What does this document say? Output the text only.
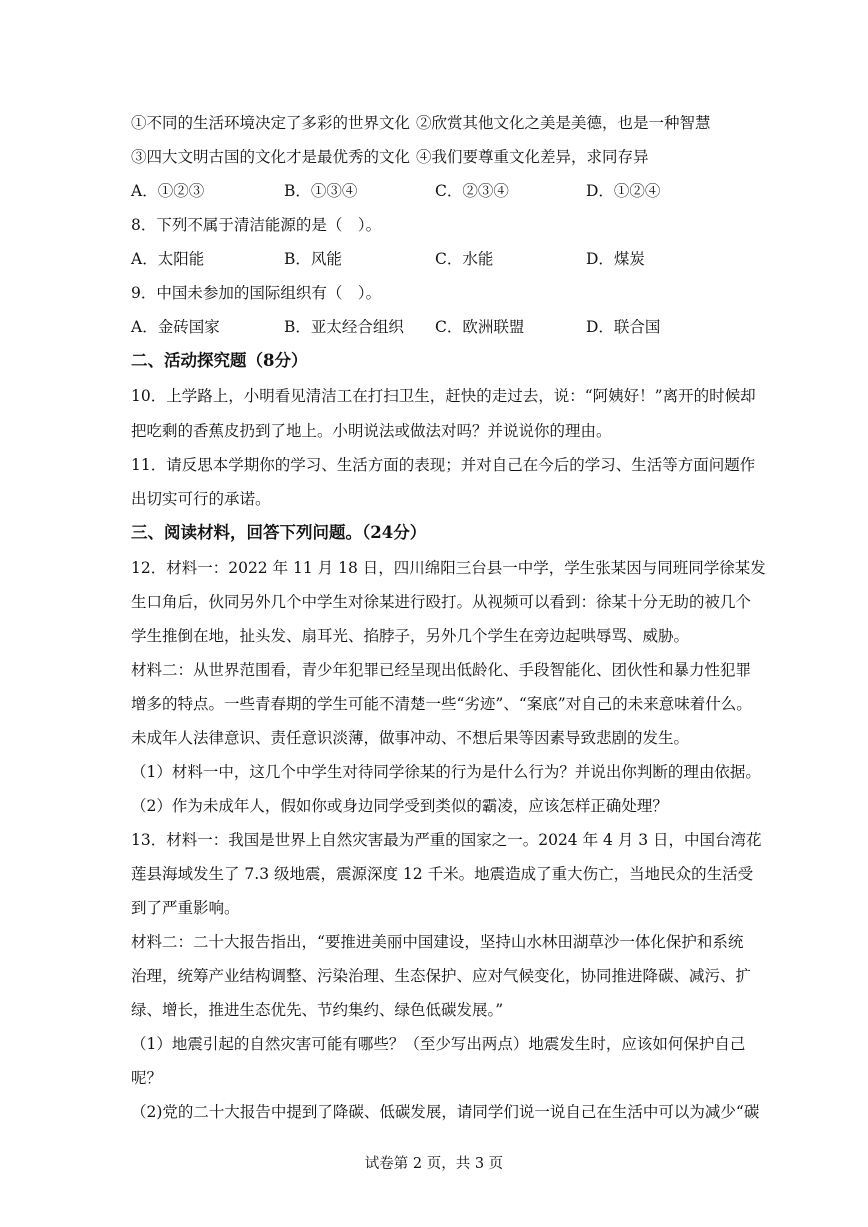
①不同的生活环境决定了多彩的世界文化 ②欣赏其他文化之美是美德，也是一种智慧
③四大文明古国的文化才是最优秀的文化 ④我们要尊重文化差异，求同存异
A．①②③	B．①③④	C．②③④	D．①②④
8．下列不属于清洁能源的是（　）。
A．太阳能	B．风能	C．水能	D．煤炭
9．中国未参加的国际组织有（　）。
A．金砖国家	B．亚太经合组织 C．欧洲联盟	D．联合国
二、活动探究题（8分）
10．上学路上，小明看见清洁工在打扫卫生，赶快的走过去，说：“阿姨好！”离开的时候却
把吃剩的香蕉皮扔到了地上。小明说法或做法对吗？并说说你的理由。
11．请反思本学期你的学习、生活方面的表现；并对自己在今后的学习、生活等方面问题作
出切实可行的承诺。
三、阅读材料，回答下列问题。（24分）
12．材料一：2022 年 11 月 18 日，四川绵阳三台县一中学，学生张某因与同班同学徐某发
生口角后，伙同另外几个中学生对徐某进行殴打。从视频可以看到：徐某十分无助的被几个
学生推倒在地，扯头发、扇耳光、掐脖子，另外几个学生在旁边起哄辱骂、威胁。
材料二：从世界范围看，青少年犯罪已经呈现出低龄化、手段智能化、团伙性和暴力性犯罪
增多的特点。一些青春期的学生可能不清楚一些“劣迹”、“案底”对自己的未来意味着什么。
未成年人法律意识、责任意识淡薄，做事冲动、不想后果等因素导致悲剧的发生。
（1）材料一中，这几个中学生对待同学徐某的行为是什么行为？并说出你判断的理由依据。
（2）作为未成年人，假如你或身边同学受到类似的霸凌，应该怎样正确处理？
13．材料一：我国是世界上自然灾害最为严重的国家之一。2024 年 4 月 3 日，中国台湾花
莲县海域发生了 7.3 级地震，震源深度 12 千米。地震造成了重大伤亡，当地民众的生活受
到了严重影响。
材料二：二十大报告指出，“要推进美丽中国建设，坚持山水林田湖草沙一体化保护和系统
治理，统筹产业结构调整、污染治理、生态保护、应对气候变化，协同推进降碳、减污、扩
绿、增长，推进生态优先、节约集约、绿色低碳发展。”
（1）地震引起的自然灾害可能有哪些？（至少写出两点）地震发生时，应该如何保护自己
呢？
（2)党的二十大报告中提到了降碳、低碳发展，请同学们说一说自己在生活中可以为减少“碳
试卷第 2 页，共 3 页
